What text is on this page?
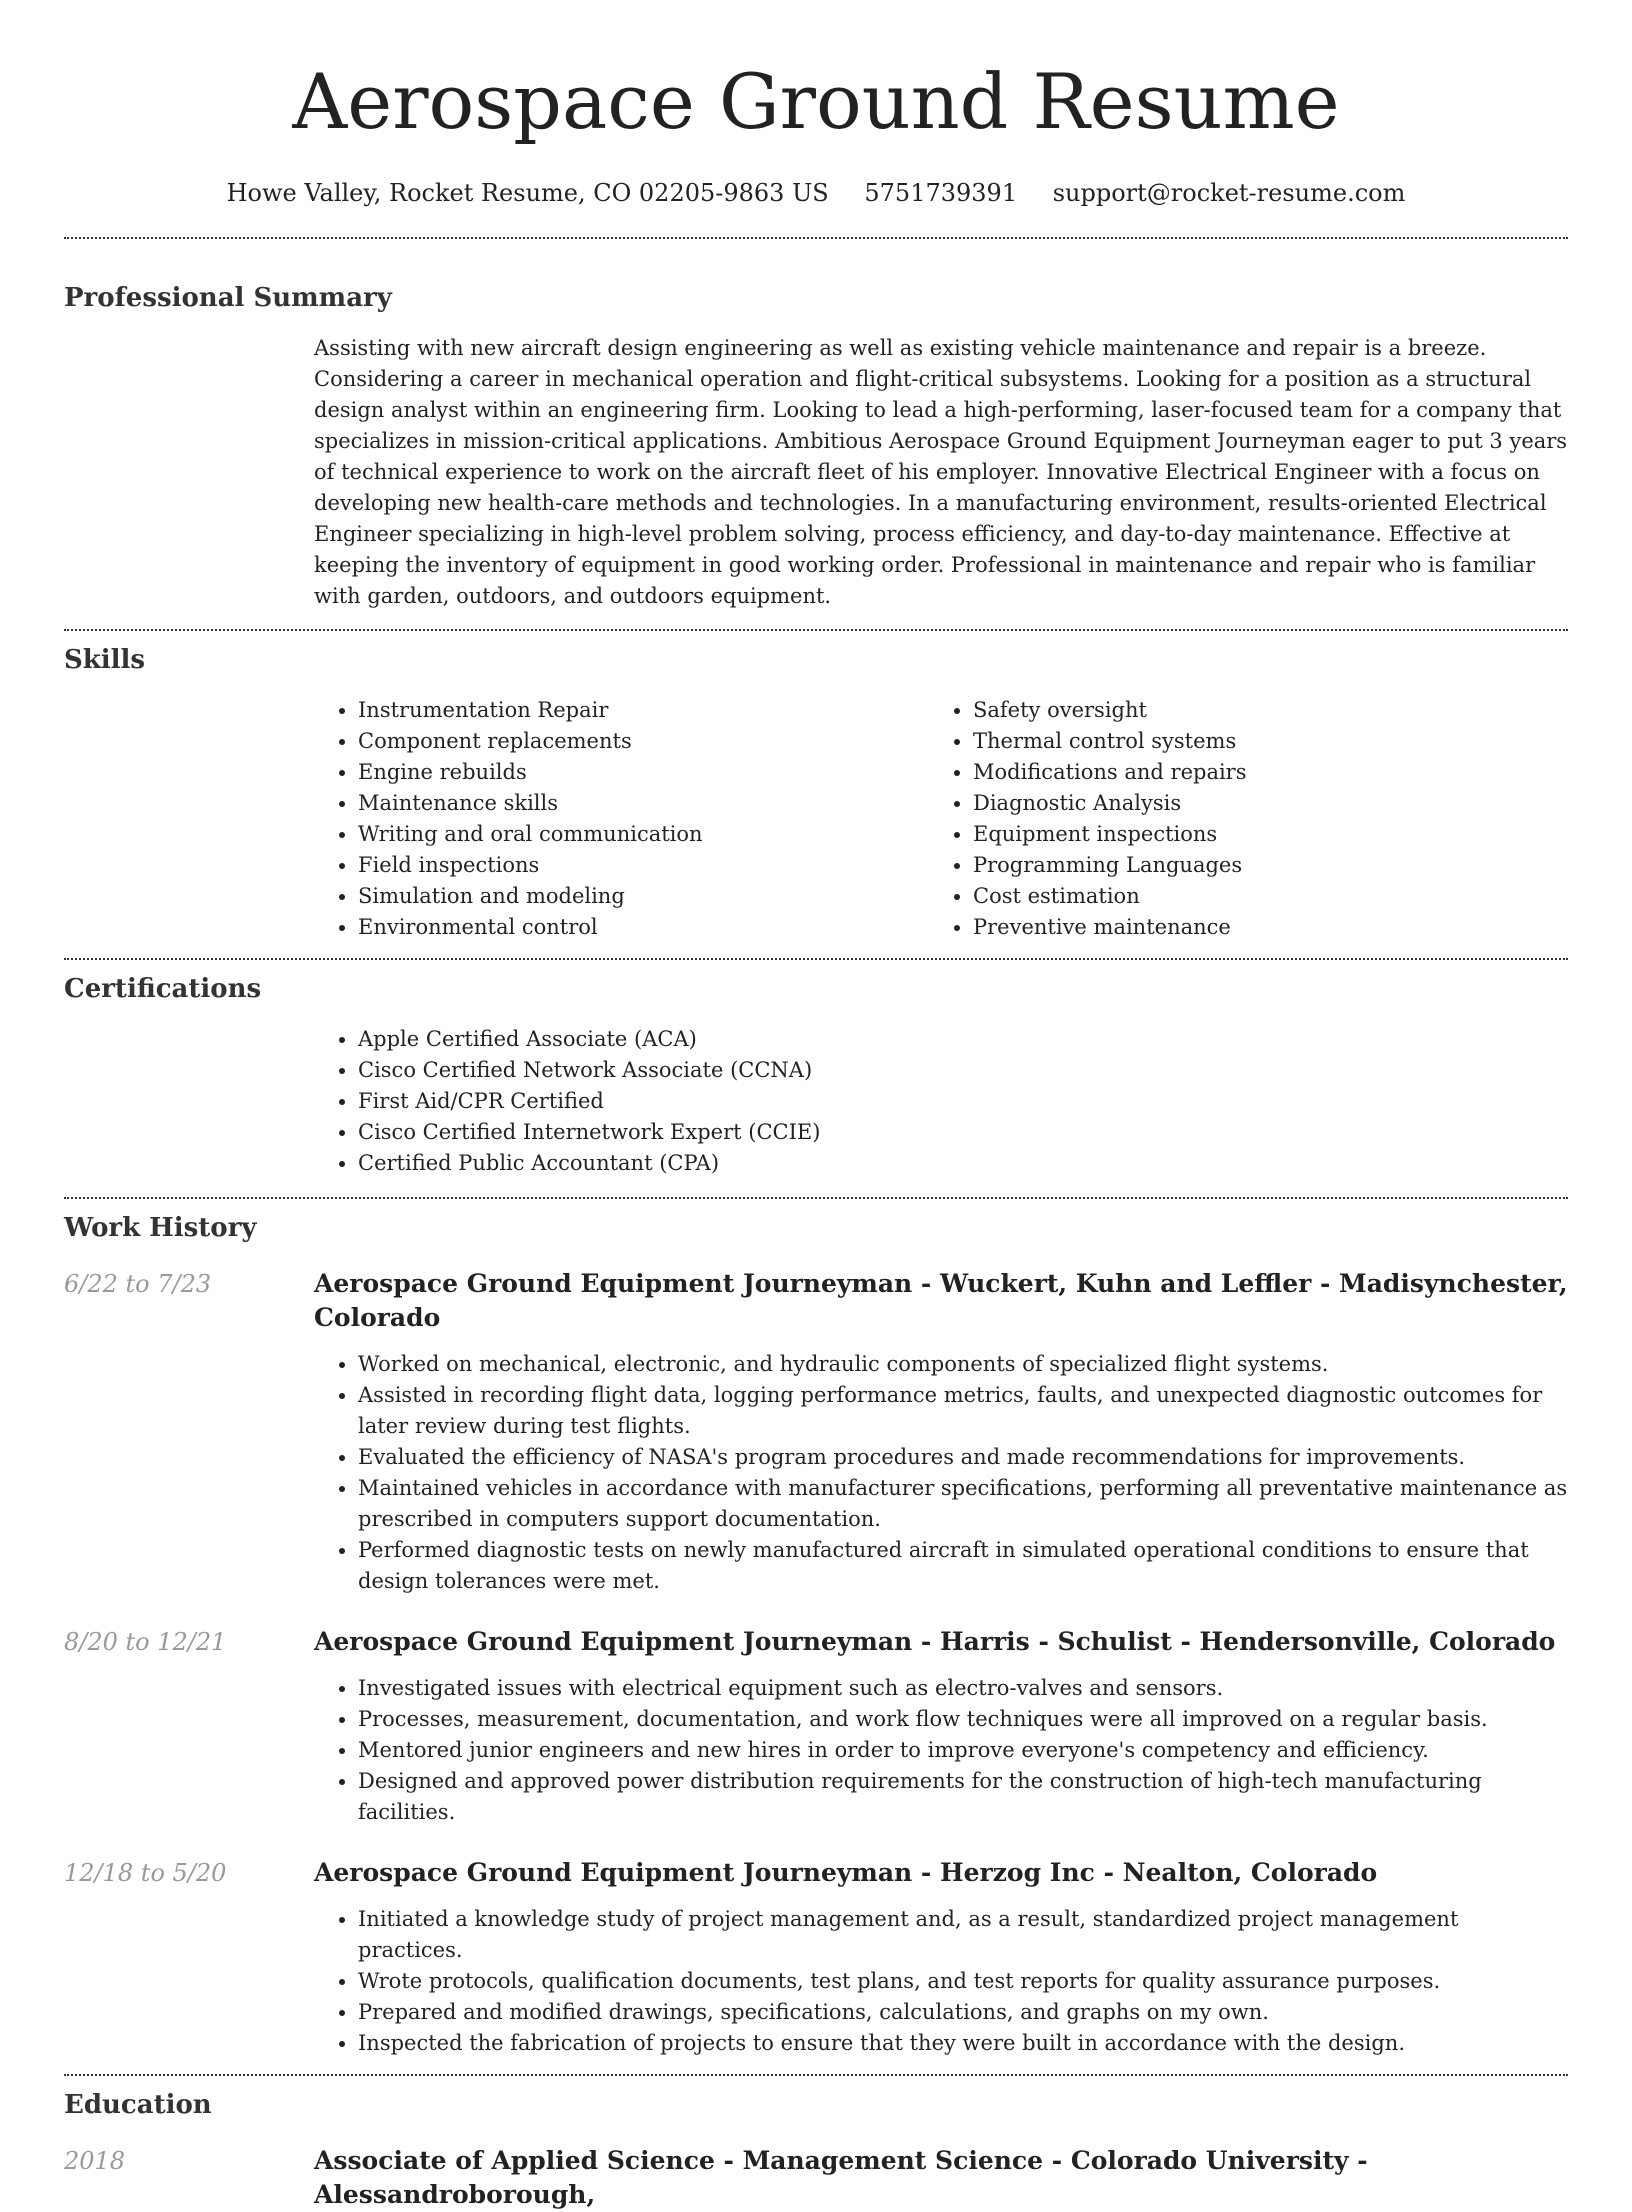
Aerospace Ground Resume
Howe Valley, Rocket Resume, CO 02205-9863 US 5751739391 support@rocket-resume.com
Professional Summary

Assisting with new aircraft design engineering as well as existing vehicle maintenance and repair is a breeze. Considering a career in mechanical operation and flight-critical subsystems. Looking for a position as a structural design analyst within an engineering firm. Looking to lead a high-performing, laser-focused team for a company that specializes in mission-critical applications. Ambitious Aerospace Ground Equipment Journeyman eager to put 3 years of technical experience to work on the aircraft fleet of his employer. Innovative Electrical Engineer with a focus on developing new health-care methods and technologies. In a manufacturing environment, results-oriented Electrical Engineer specializing in high-level problem solving, process efficiency, and day-to-day maintenance. Effective at keeping the inventory of equipment in good working order. Professional in maintenance and repair who is familiar with garden, outdoors, and outdoors equipment.

Skills
• Instrumentation Repair
• Component replacements
• Engine rebuilds
• Maintenance skills
• Writing and oral communication
• Field inspections
• Simulation and modeling
• Environmental control
• Safety oversight
• Thermal control systems
• Modifications and repairs
• Diagnostic Analysis
• Equipment inspections
• Programming Languages
• Cost estimation
• Preventive maintenance
Certifications
• Apple Certified Associate (ACA)
• Cisco Certified Network Associate (CCNA)
• First Aid/CPR Certified
• Cisco Certified Internetwork Expert (CCIE)
• Certified Public Accountant (CPA)
Work History
6/22 to 7/23	Aerospace Ground Equipment Journeyman - Wuckert, Kuhn and Leffler - Madisynchester, Colorado
• Worked on mechanical, electronic, and hydraulic components of specialized flight systems.
• Assisted in recording flight data, logging performance metrics, faults, and unexpected diagnostic outcomes for later review during test flights.
• Evaluated the efficiency of NASA's program procedures and made recommendations for improvements.
• Maintained vehicles in accordance with manufacturer specifications, performing all preventative maintenance as prescribed in computers support documentation.
• Performed diagnostic tests on newly manufactured aircraft in simulated operational conditions to ensure that design tolerances were met.
8/20 to 12/21	Aerospace Ground Equipment Journeyman - Harris - Schulist - Hendersonville, Colorado
• Investigated issues with electrical equipment such as electro-valves and sensors.
• Processes, measurement, documentation, and work flow techniques were all improved on a regular basis.
• Mentored junior engineers and new hires in order to improve everyone's competency and efficiency.
• Designed and approved power distribution requirements for the construction of high-tech manufacturing facilities.
12/18 to 5/20	Aerospace Ground Equipment Journeyman - Herzog Inc - Nealton, Colorado
• Initiated a knowledge study of project management and, as a result, standardized project management practices.
• Wrote protocols, qualification documents, test plans, and test reports for quality assurance purposes.
• Prepared and modified drawings, specifications, calculations, and graphs on my own.
• Inspected the fabrication of projects to ensure that they were built in accordance with the design.
Education
2018	Associate of Applied Science - Management Science - Colorado University - Alessandroborough,
